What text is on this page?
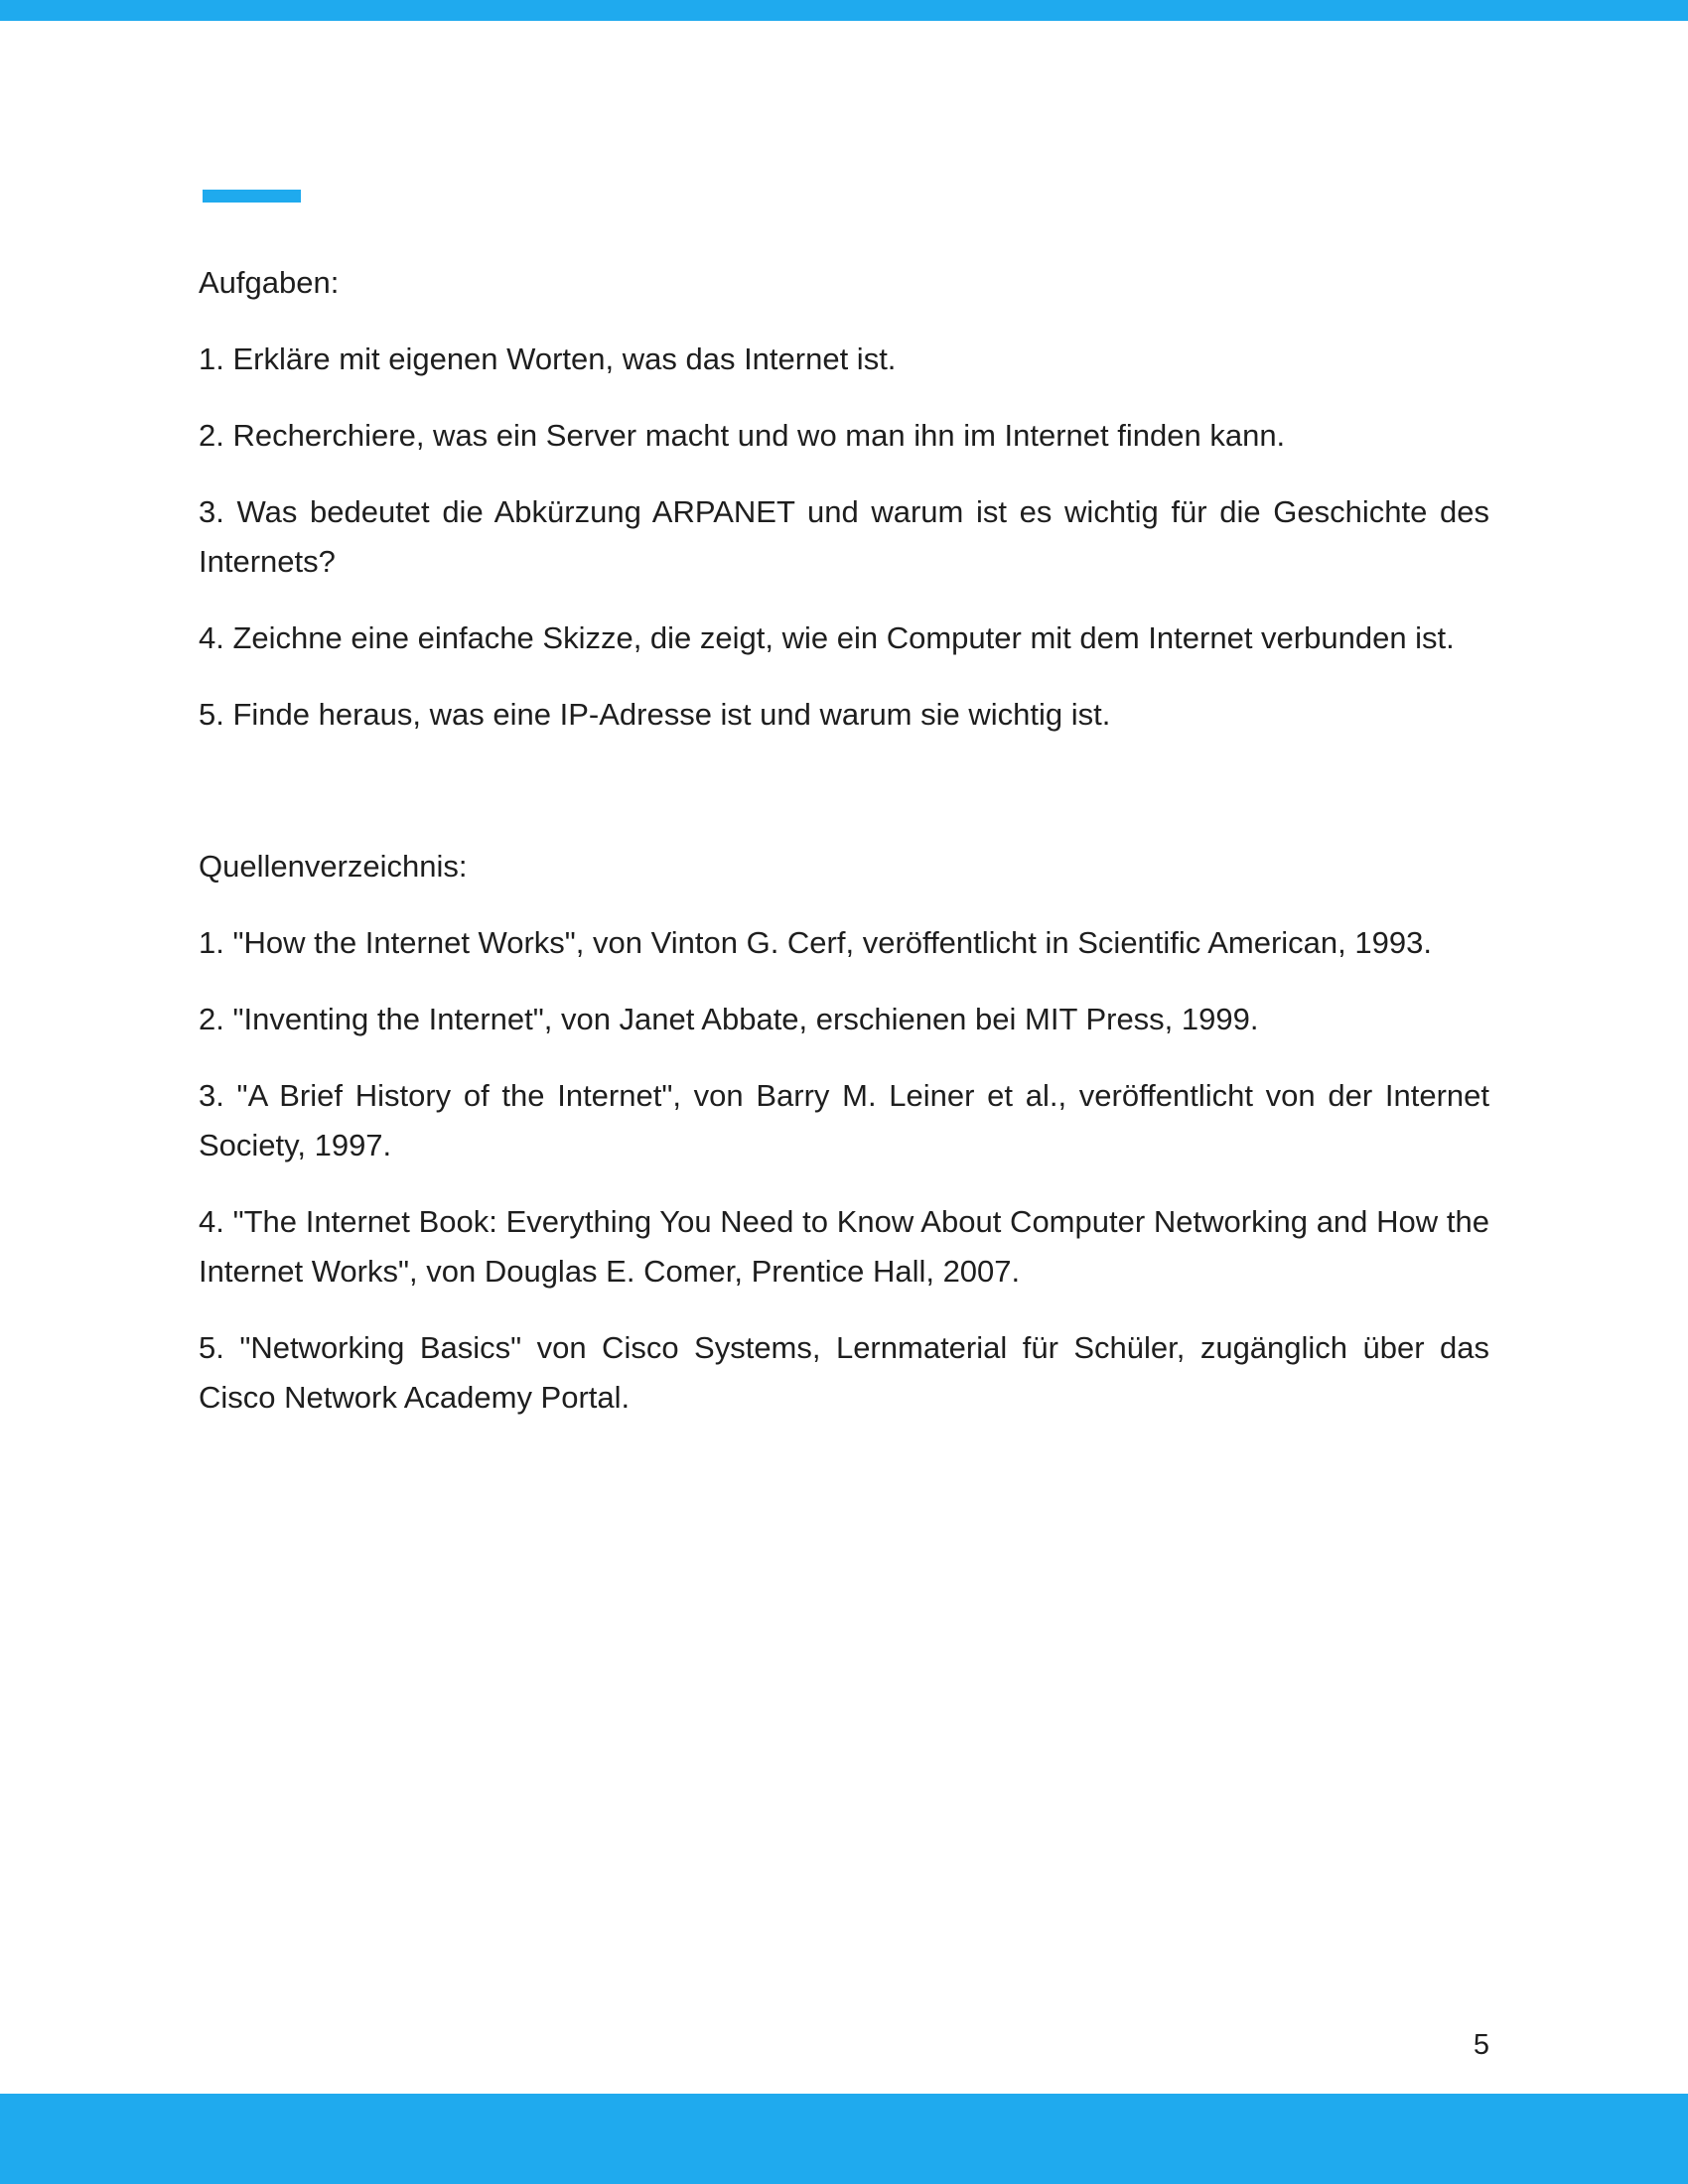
Aufgaben:

1. Erkläre mit eigenen Worten, was das Internet ist.

2. Recherchiere, was ein Server macht und wo man ihn im Internet finden kann.

3. Was bedeutet die Abkürzung ARPANET und warum ist es wichtig für die Geschichte des Internets?

4. Zeichne eine einfache Skizze, die zeigt, wie ein Computer mit dem Internet verbunden ist.

5. Finde heraus, was eine IP-Adresse ist und warum sie wichtig ist.

Quellenverzeichnis:

1. "How the Internet Works", von Vinton G. Cerf, veröffentlicht in Scientific American, 1993.

2. "Inventing the Internet", von Janet Abbate, erschienen bei MIT Press, 1999.

3. "A Brief History of the Internet", von Barry M. Leiner et al., veröffentlicht von der Internet Society, 1997.

4. "The Internet Book: Everything You Need to Know About Computer Networking and How the Internet Works", von Douglas E. Comer, Prentice Hall, 2007.

5. "Networking Basics" von Cisco Systems, Lernmaterial für Schüler, zugänglich über das Cisco Network Academy Portal.

5
